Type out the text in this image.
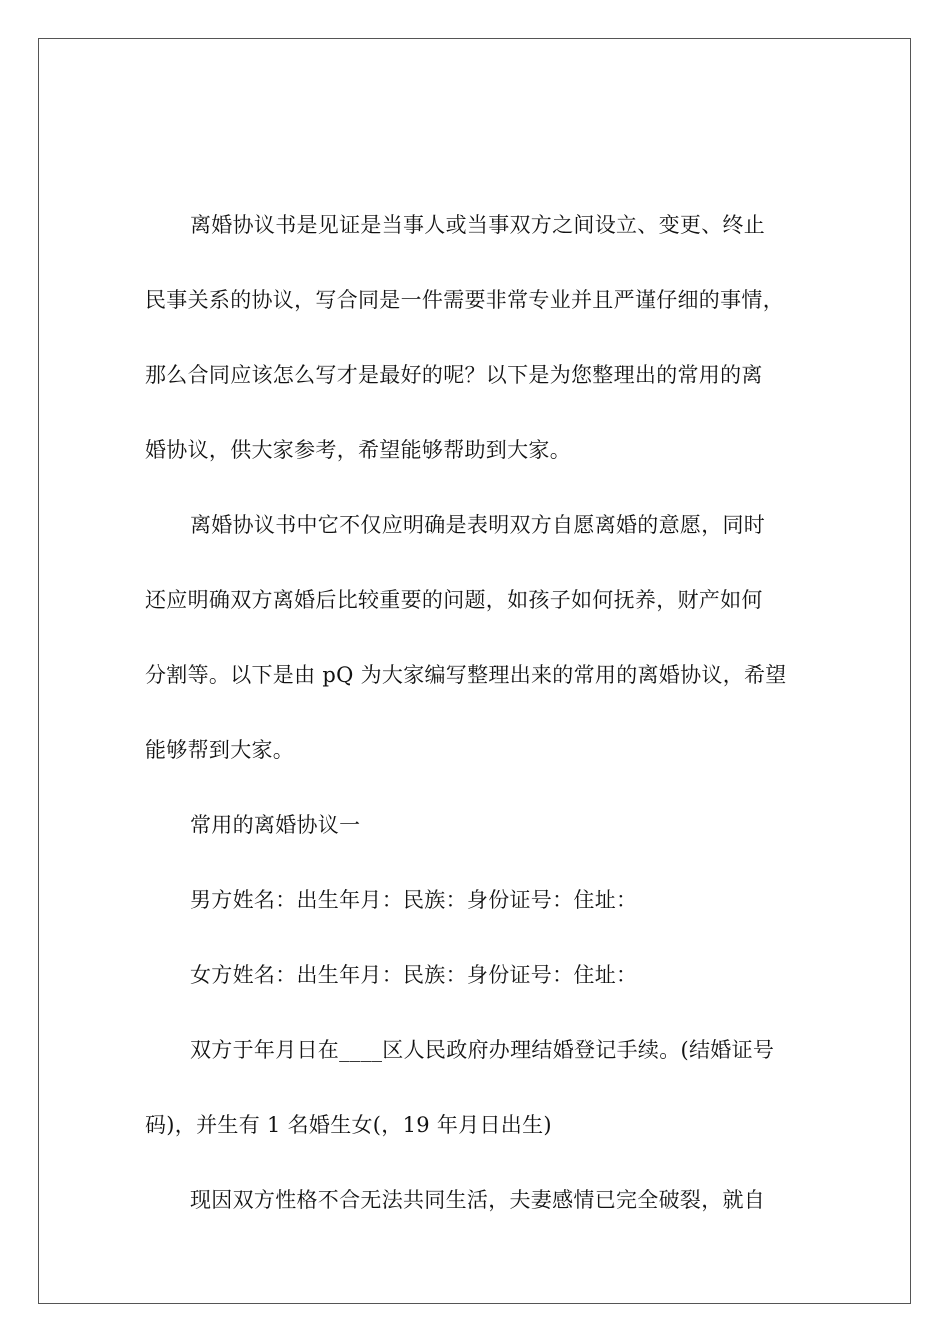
离婚协议书是见证是当事人或当事双方之间设立、变更、终止
民事关系的协议，写合同是一件需要非常专业并且严谨仔细的事情，
那么合同应该怎么写才是最好的呢？以下是为您整理出的常用的离
婚协议，供大家参考，希望能够帮助到大家。
离婚协议书中它不仅应明确是表明双方自愿离婚的意愿，同时
还应明确双方离婚后比较重要的问题，如孩子如何抚养，财产如何
分割等。以下是由 pQ 为大家编写整理出来的常用的离婚协议，希望
能够帮到大家。
常用的离婚协议一
男方姓名：出生年月：民族：身份证号：住址：
女方姓名：出生年月：民族：身份证号：住址：
双方于年月日在____区人民政府办理结婚登记手续。(结婚证号
码)，并生有 1 名婚生女(，19 年月日出生)
现因双方性格不合无法共同生活，夫妻感情已完全破裂，就自
